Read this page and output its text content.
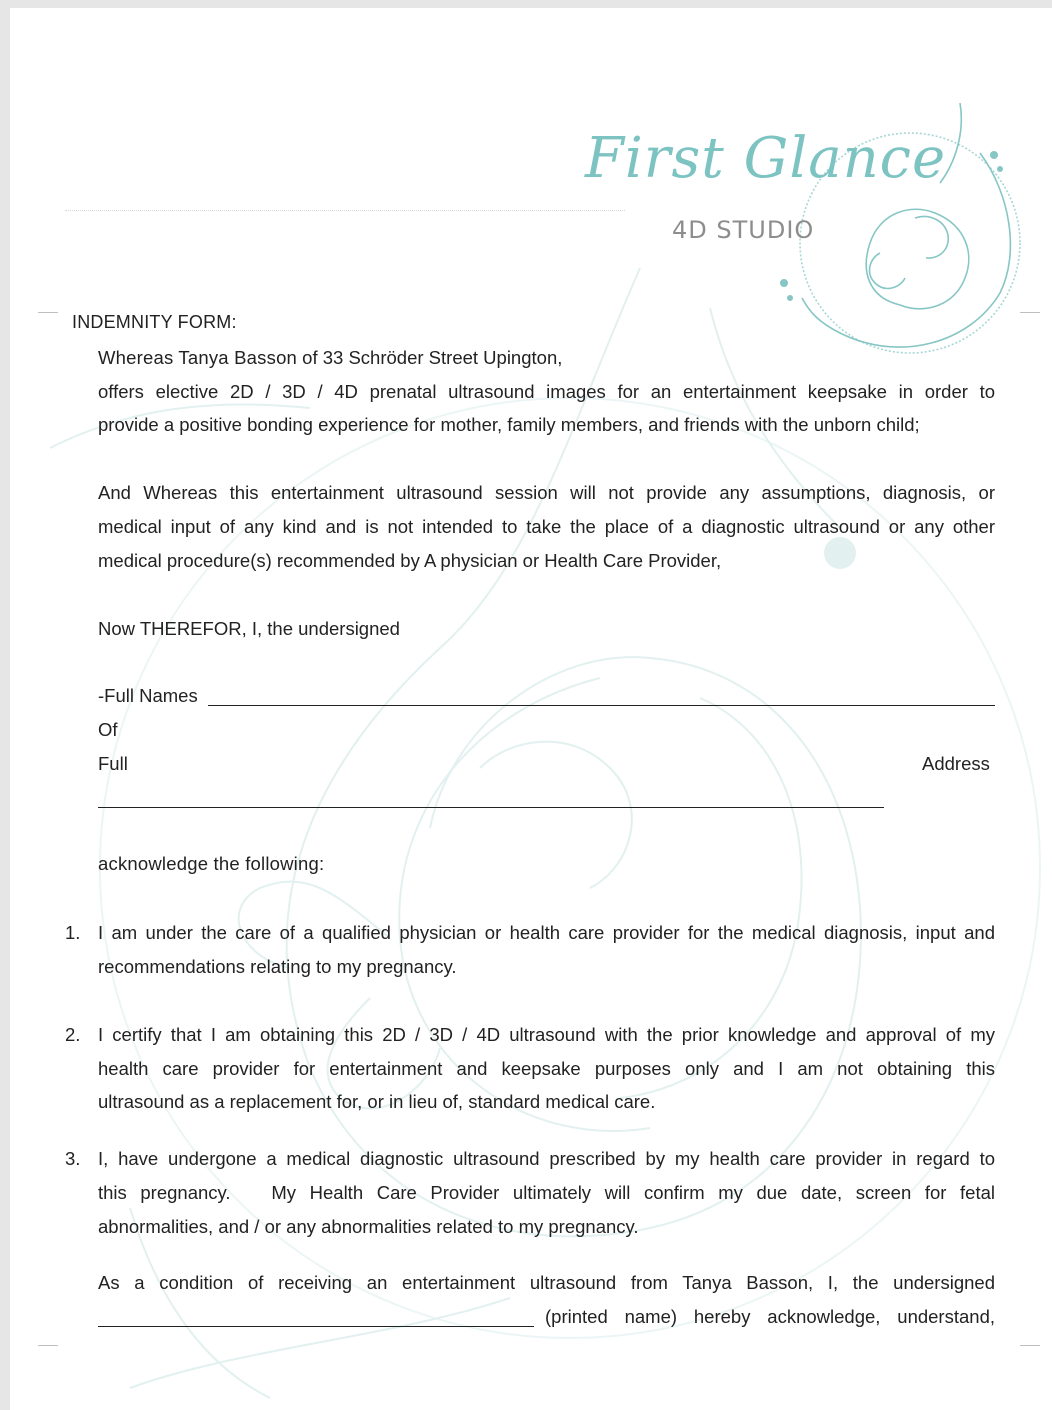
First Glance
4D STUDIO
INDEMNITY FORM:
Whereas Tanya Basson of 33 Schröder Street Upington,
offers elective 2D / 3D / 4D prenatal ultrasound images for an entertainment keepsake in order to
provide a positive bonding experience for mother, family members, and friends with the unborn child;
And Whereas this entertainment ultrasound session will not provide any assumptions, diagnosis, or
medical input of any kind and is not intended to take the place of a diagnostic ultrasound or any other
medical procedure(s) recommended by A physician or Health Care Provider,
Now THEREFOR, I, the undersigned
-Full Names
Of
Full	Address
acknowledge the following:
1. I am under the care of a qualified physician or health care provider for the medical diagnosis, input and
recommendations relating to my pregnancy.
2. I certify that I am obtaining this 2D / 3D / 4D ultrasound with the prior knowledge and approval of my
health care provider for entertainment and keepsake purposes only and I am not obtaining this
ultrasound as a replacement for, or in lieu of, standard medical care.
3. I, have undergone a medical diagnostic ultrasound prescribed by my health care provider in regard to
this pregnancy.   My Health Care Provider ultimately will confirm my due date, screen for fetal
abnormalities, and / or any abnormalities related to my pregnancy.
As a condition of receiving an entertainment ultrasound from Tanya Basson, I, the undersigned
(printed name) hereby acknowledge, understand,
